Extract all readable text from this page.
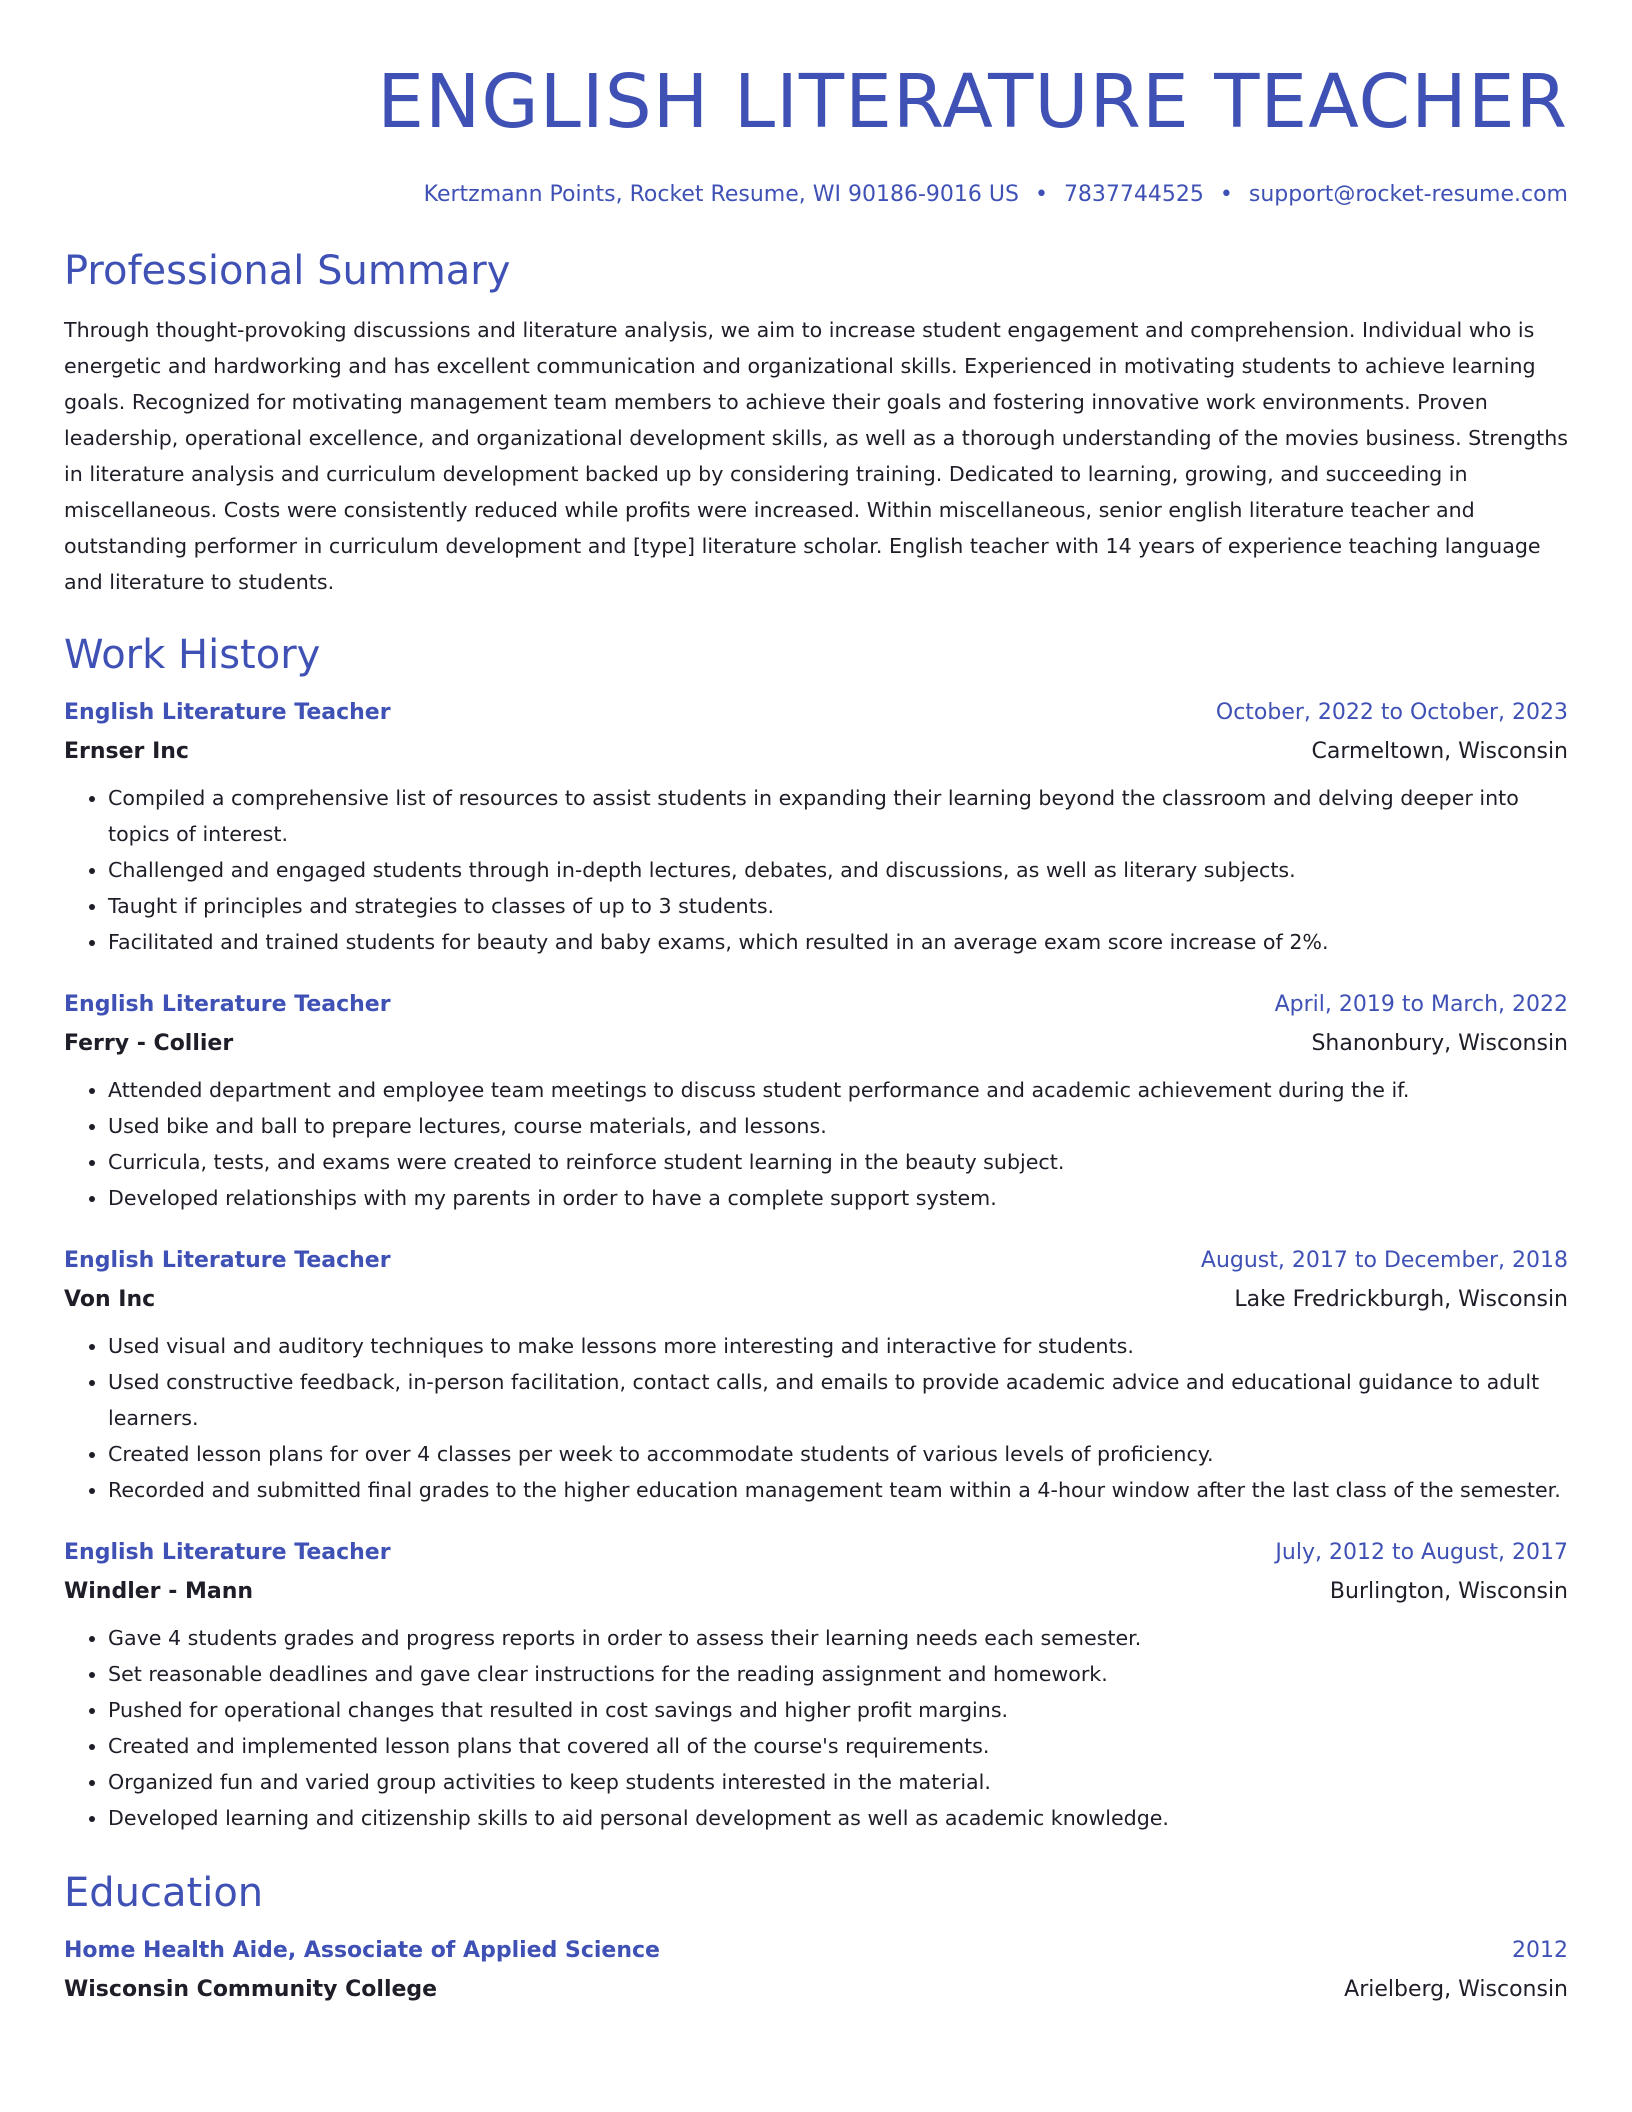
ENGLISH LITERATURE TEACHER
Kertzmann Points, Rocket Resume, WI 90186-9016 US • 7837744525 • support@rocket-resume.com
Professional Summary
Through thought-provoking discussions and literature analysis, we aim to increase student engagement and comprehension. Individual who is energetic and hardworking and has excellent communication and organizational skills. Experienced in motivating students to achieve learning goals. Recognized for motivating management team members to achieve their goals and fostering innovative work environments. Proven leadership, operational excellence, and organizational development skills, as well as a thorough understanding of the movies business. Strengths in literature analysis and curriculum development backed up by considering training. Dedicated to learning, growing, and succeeding in miscellaneous. Costs were consistently reduced while profits were increased. Within miscellaneous, senior english literature teacher and outstanding performer in curriculum development and [type] literature scholar. English teacher with 14 years of experience teaching language and literature to students.
Work History
English Literature Teacher	October, 2022 to October, 2023
Ernser Inc	Carmeltown, Wisconsin
• Compiled a comprehensive list of resources to assist students in expanding their learning beyond the classroom and delving deeper into topics of interest.
• Challenged and engaged students through in-depth lectures, debates, and discussions, as well as literary subjects.
• Taught if principles and strategies to classes of up to 3 students.
• Facilitated and trained students for beauty and baby exams, which resulted in an average exam score increase of 2%.
English Literature Teacher	April, 2019 to March, 2022
Ferry - Collier	Shanonbury, Wisconsin
• Attended department and employee team meetings to discuss student performance and academic achievement during the if.
• Used bike and ball to prepare lectures, course materials, and lessons.
• Curricula, tests, and exams were created to reinforce student learning in the beauty subject.
• Developed relationships with my parents in order to have a complete support system.
English Literature Teacher	August, 2017 to December, 2018
Von Inc	Lake Fredrickburgh, Wisconsin
• Used visual and auditory techniques to make lessons more interesting and interactive for students.
• Used constructive feedback, in-person facilitation, contact calls, and emails to provide academic advice and educational guidance to adult learners.
• Created lesson plans for over 4 classes per week to accommodate students of various levels of proficiency.
• Recorded and submitted final grades to the higher education management team within a 4-hour window after the last class of the semester.
English Literature Teacher	July, 2012 to August, 2017
Windler - Mann	Burlington, Wisconsin
• Gave 4 students grades and progress reports in order to assess their learning needs each semester.
• Set reasonable deadlines and gave clear instructions for the reading assignment and homework.
• Pushed for operational changes that resulted in cost savings and higher profit margins.
• Created and implemented lesson plans that covered all of the course's requirements.
• Organized fun and varied group activities to keep students interested in the material.
• Developed learning and citizenship skills to aid personal development as well as academic knowledge.
Education
Home Health Aide, Associate of Applied Science	2012
Wisconsin Community College	Arielberg, Wisconsin
